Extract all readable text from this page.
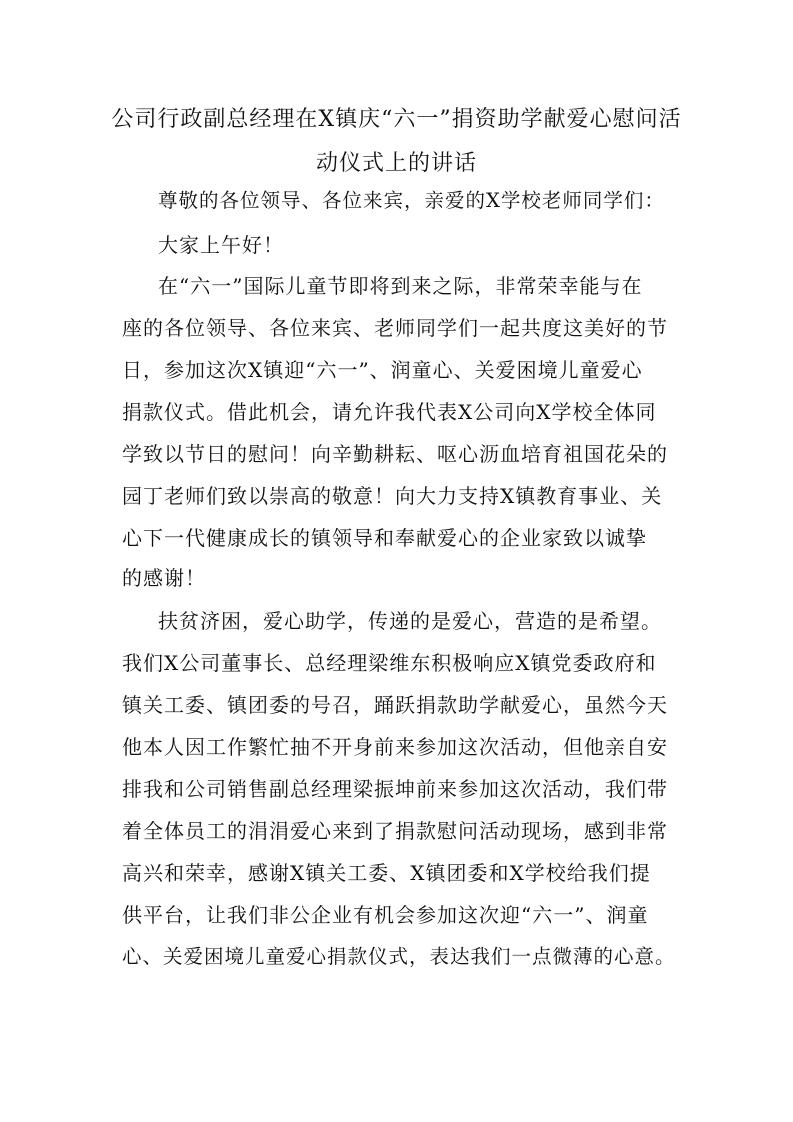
公司行政副总经理在X镇庆“六一”捐资助学献爱心慰问活
动仪式上的讲话

尊敬的各位领导、各位来宾，亲爱的X学校老师同学们：

大家上午好！

在“六一”国际儿童节即将到来之际，非常荣幸能与在

座的各位领导、各位来宾、老师同学们一起共度这美好的节

日，参加这次X镇迎“六一”、润童心、关爱困境儿童爱心

捐款仪式。借此机会，请允许我代表X公司向X学校全体同

学致以节日的慰问！向辛勤耕耘、呕心沥血培育祖国花朵的

园丁老师们致以崇高的敬意！向大力支持X镇教育事业、关

心下一代健康成长的镇领导和奉献爱心的企业家致以诚挚

的感谢！

扶贫济困，爱心助学，传递的是爱心，营造的是希望。

我们X公司董事长、总经理梁维东积极响应X镇党委政府和

镇关工委、镇团委的号召，踊跃捐款助学献爱心，虽然今天

他本人因工作繁忙抽不开身前来参加这次活动，但他亲自安

排我和公司销售副总经理梁振坤前来参加这次活动，我们带

着全体员工的涓涓爱心来到了捐款慰问活动现场，感到非常

高兴和荣幸，感谢X镇关工委、X镇团委和X学校给我们提

供平台，让我们非公企业有机会参加这次迎“六一”、润童

心、关爱困境儿童爱心捐款仪式，表达我们一点微薄的心意。
